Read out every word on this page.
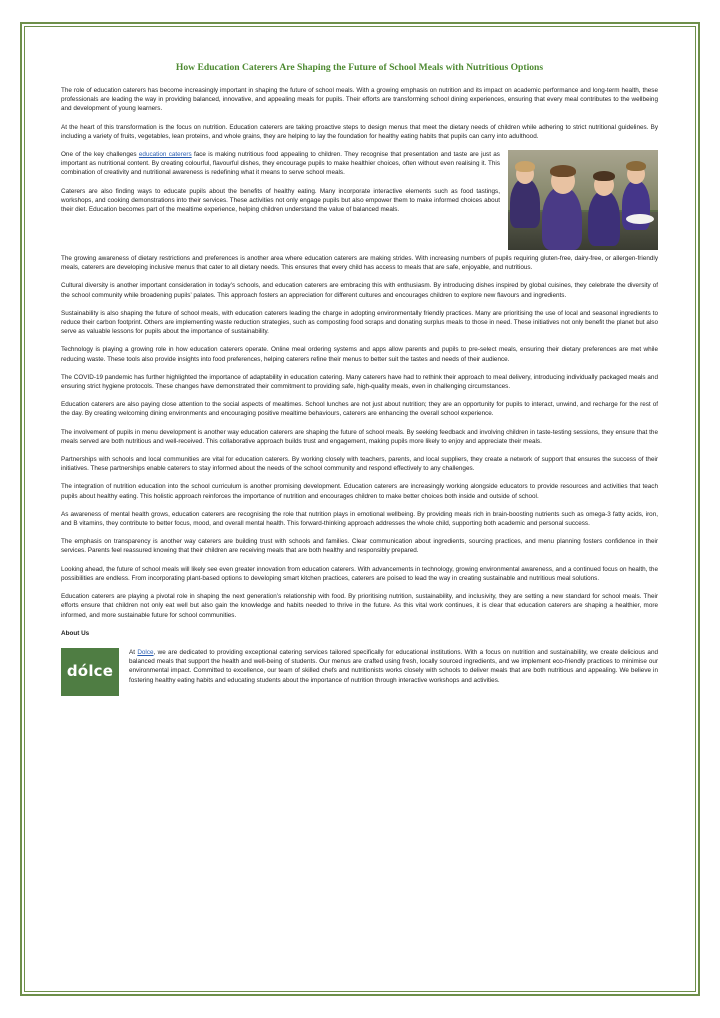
How Education Caterers Are Shaping the Future of School Meals with Nutritious Options

The role of education caterers has become increasingly important in shaping the future of school meals. With a growing emphasis on nutrition and its impact on academic performance and long-term health, these professionals are leading the way in providing balanced, innovative, and appealing meals for pupils. Their efforts are transforming school dining experiences, ensuring that every meal contributes to the wellbeing and development of young learners.

At the heart of this transformation is the focus on nutrition. Education caterers are taking proactive steps to design menus that meet the dietary needs of children while adhering to strict nutritional guidelines. By including a variety of fruits, vegetables, lean proteins, and whole grains, they are helping to lay the foundation for healthy eating habits that pupils can carry into adulthood.

One of the key challenges education caterers face is making nutritious food appealing to children. They recognise that presentation and taste are just as important as nutritional content. By creating colourful, flavourful dishes, they encourage pupils to make healthier choices, often without even realising it. This combination of creativity and nutritional awareness is redefining what it means to serve school meals.

Caterers are also finding ways to educate pupils about the benefits of healthy eating. Many incorporate interactive elements such as food tastings, workshops, and cooking demonstrations into their services. These activities not only engage pupils but also empower them to make informed choices about their diet. Education becomes part of the mealtime experience, helping children understand the value of balanced meals.

The growing awareness of dietary restrictions and preferences is another area where education caterers are making strides. With increasing numbers of pupils requiring gluten-free, dairy-free, or allergen-friendly meals, caterers are developing inclusive menus that cater to all dietary needs. This ensures that every child has access to meals that are safe, enjoyable, and nutritious.

Cultural diversity is another important consideration in today’s schools, and education caterers are embracing this with enthusiasm. By introducing dishes inspired by global cuisines, they celebrate the diversity of the school community while broadening pupils’ palates. This approach fosters an appreciation for different cultures and encourages children to explore new flavours and ingredients.

Sustainability is also shaping the future of school meals, with education caterers leading the charge in adopting environmentally friendly practices. Many are prioritising the use of local and seasonal ingredients to reduce their carbon footprint. Others are implementing waste reduction strategies, such as composting food scraps and donating surplus meals to those in need. These initiatives not only benefit the planet but also serve as valuable lessons for pupils about the importance of sustainability.

Technology is playing a growing role in how education caterers operate. Online meal ordering systems and apps allow parents and pupils to pre-select meals, ensuring their dietary preferences are met while reducing waste. These tools also provide insights into food preferences, helping caterers refine their menus to better suit the tastes and needs of their audience.

The COVID-19 pandemic has further highlighted the importance of adaptability in education catering. Many caterers have had to rethink their approach to meal delivery, introducing individually packaged meals and ensuring strict hygiene protocols. These changes have demonstrated their commitment to providing safe, high-quality meals, even in challenging circumstances.

Education caterers are also paying close attention to the social aspects of mealtimes. School lunches are not just about nutrition; they are an opportunity for pupils to interact, unwind, and recharge for the rest of the day. By creating welcoming dining environments and encouraging positive mealtime behaviours, caterers are enhancing the overall school experience.

The involvement of pupils in menu development is another way education caterers are shaping the future of school meals. By seeking feedback and involving children in taste-testing sessions, they ensure that the meals served are both nutritious and well-received. This collaborative approach builds trust and engagement, making pupils more likely to enjoy and appreciate their meals.

Partnerships with schools and local communities are vital for education caterers. By working closely with teachers, parents, and local suppliers, they create a network of support that ensures the success of their initiatives. These partnerships enable caterers to stay informed about the needs of the school community and respond effectively to any challenges.

The integration of nutrition education into the school curriculum is another promising development. Education caterers are increasingly working alongside educators to provide resources and activities that teach pupils about healthy eating. This holistic approach reinforces the importance of nutrition and encourages children to make better choices both inside and outside of school.

As awareness of mental health grows, education caterers are recognising the role that nutrition plays in emotional wellbeing. By providing meals rich in brain-boosting nutrients such as omega-3 fatty acids, iron, and B vitamins, they contribute to better focus, mood, and overall mental health. This forward-thinking approach addresses the whole child, supporting both academic and personal success.

The emphasis on transparency is another way caterers are building trust with schools and families. Clear communication about ingredients, sourcing practices, and menu planning fosters confidence in their services. Parents feel reassured knowing that their children are receiving meals that are both healthy and responsibly prepared.

Looking ahead, the future of school meals will likely see even greater innovation from education caterers. With advancements in technology, growing environmental awareness, and a continued focus on health, the possibilities are endless. From incorporating plant-based options to developing smart kitchen practices, caterers are poised to lead the way in creating sustainable and nutritious meal solutions.

Education caterers are playing a pivotal role in shaping the next generation’s relationship with food. By prioritising nutrition, sustainability, and inclusivity, they are setting a new standard for school meals. Their efforts ensure that children not only eat well but also gain the knowledge and habits needed to thrive in the future. As this vital work continues, it is clear that education caterers are shaping a healthier, more informed, and more sustainable future for school communities.

About Us
dólce

At Dolce, we are dedicated to providing exceptional catering services tailored specifically for educational institutions. With a focus on nutrition and sustainability, we create delicious and balanced meals that support the health and well-being of students. Our menus are crafted using fresh, locally sourced ingredients, and we implement eco-friendly practices to minimise our environmental impact. Committed to excellence, our team of skilled chefs and nutritionists works closely with schools to deliver meals that are both nutritious and appealing. We believe in fostering healthy eating habits and educating students about the importance of nutrition through interactive workshops and activities.
